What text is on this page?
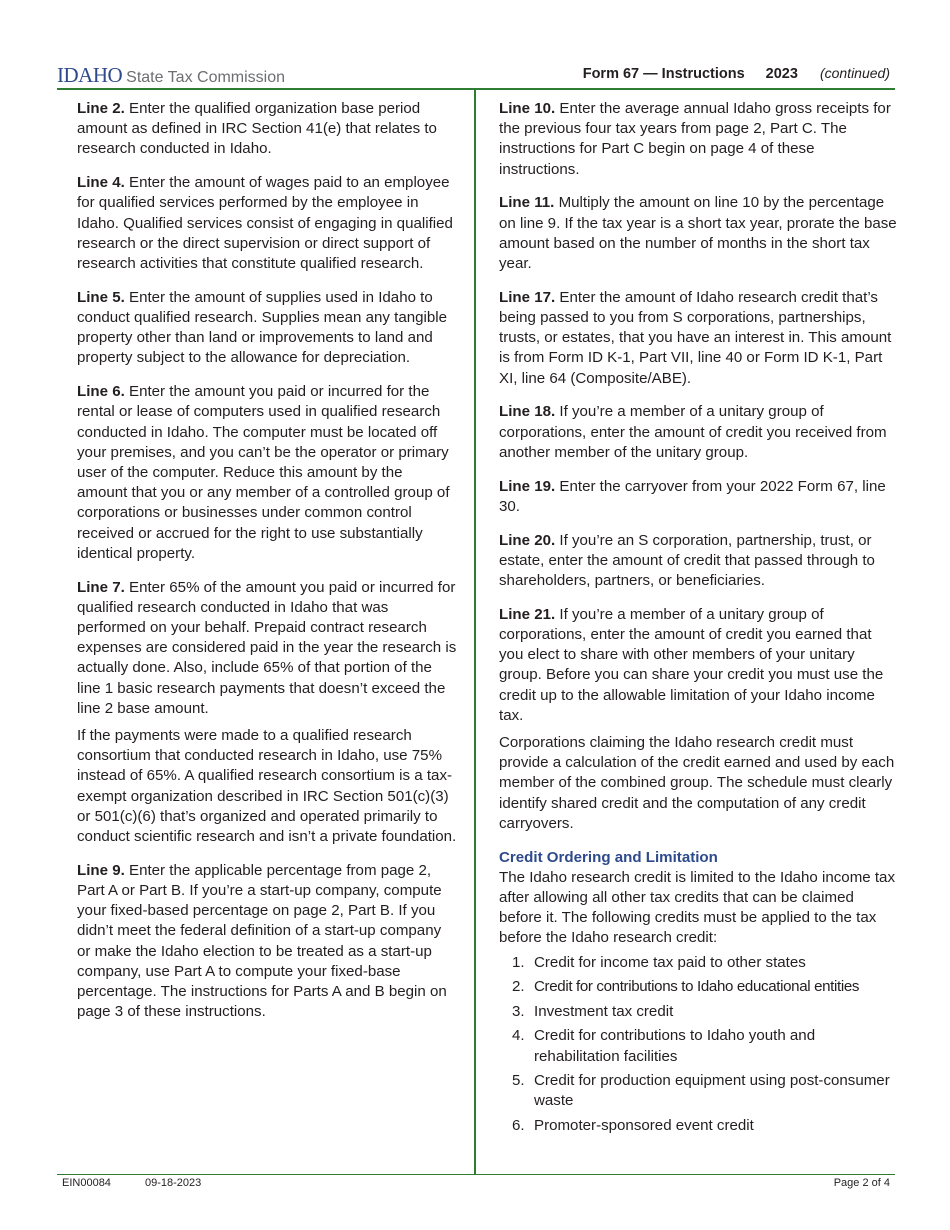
IDAHO State Tax Commission	Form 67 — Instructions 2023 (continued)

Line 2. Enter the qualified organization base period amount as defined in IRC Section 41(e) that relates to research conducted in Idaho.

Line 4. Enter the amount of wages paid to an employee for qualified services performed by the employee in Idaho. Qualified services consist of engaging in qualified research or the direct supervision or direct support of research activities that constitute qualified research.

Line 5. Enter the amount of supplies used in Idaho to conduct qualified research. Supplies mean any tangible property other than land or improvements to land and property subject to the allowance for depreciation.

Line 6. Enter the amount you paid or incurred for the rental or lease of computers used in qualified research conducted in Idaho. The computer must be located off your premises, and you can’t be the operator or primary user of the computer. Reduce this amount by the amount that you or any member of a controlled group of corporations or businesses under common control received or accrued for the right to use substantially identical property.

Line 7. Enter 65% of the amount you paid or incurred for qualified research conducted in Idaho that was performed on your behalf. Prepaid contract research expenses are considered paid in the year the research is actually done. Also, include 65% of that portion of the line 1 basic research payments that doesn’t exceed the line 2 base amount.

If the payments were made to a qualified research consortium that conducted research in Idaho, use 75% instead of 65%. A qualified research consortium is a tax-exempt organization described in IRC Section 501(c)(3) or 501(c)(6) that’s organized and operated primarily to conduct scientific research and isn’t a private foundation.

Line 9. Enter the applicable percentage from page 2, Part A or Part B. If you’re a start-up company, compute your fixed-based percentage on page 2, Part B. If you didn’t meet the federal definition of a start-up company or make the Idaho election to be treated as a start-up company, use Part A to compute your fixed-base percentage. The instructions for Parts A and B begin on page 3 of these instructions.

Line 10. Enter the average annual Idaho gross receipts for the previous four tax years from page 2, Part C. The instructions for Part C begin on page 4 of these instructions.

Line 11. Multiply the amount on line 10 by the percentage on line 9. If the tax year is a short tax year, prorate the base amount based on the number of months in the short tax year.

Line 17. Enter the amount of Idaho research credit that’s being passed to you from S corporations, partnerships, trusts, or estates, that you have an interest in. This amount is from Form ID K-1, Part VII, line 40 or Form ID K-1, Part XI, line 64 (Composite/ABE).

Line 18. If you’re a member of a unitary group of corporations, enter the amount of credit you received from another member of the unitary group.

Line 19. Enter the carryover from your 2022 Form 67, line 30.

Line 20. If you’re an S corporation, partnership, trust, or estate, enter the amount of credit that passed through to shareholders, partners, or beneficiaries.

Line 21. If you’re a member of a unitary group of corporations, enter the amount of credit you earned that you elect to share with other members of your unitary group. Before you can share your credit you must use the credit up to the allowable limitation of your Idaho income tax.

Corporations claiming the Idaho research credit must provide a calculation of the credit earned and used by each member of the combined group. The schedule must clearly identify shared credit and the computation of any credit carryovers.

Credit Ordering and Limitation
The Idaho research credit is limited to the Idaho income tax after allowing all other tax credits that can be claimed before it. The following credits must be applied to the tax before the Idaho research credit:
1. Credit for income tax paid to other states
2. Credit for contributions to Idaho educational entities
3. Investment tax credit
4. Credit for contributions to Idaho youth and rehabilitation facilities
5. Credit for production equipment using post-consumer waste
6. Promoter-sponsored event credit
EIN00084	09-18-2023	Page 2 of 4
